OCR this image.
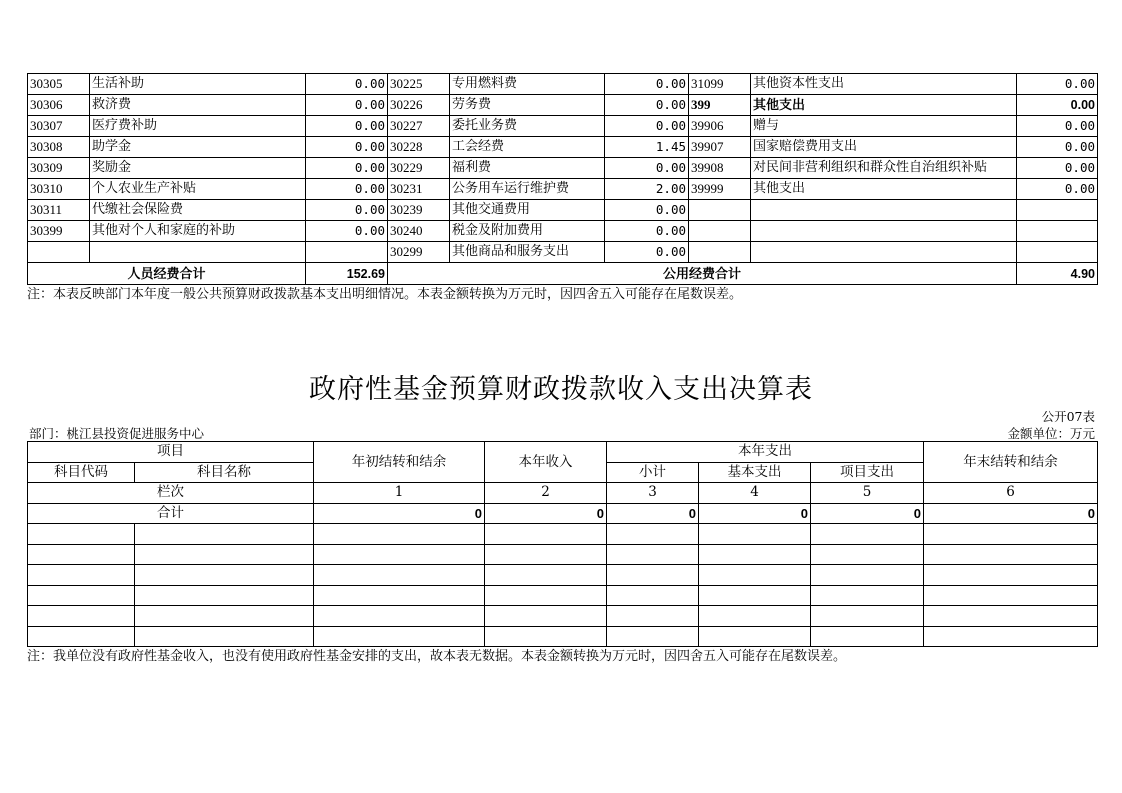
30305	生活补助	0.00	30225	专用燃料费	0.00	31099	其他资本性支出	0.00
30306	救济费	0.00	30226	劳务费	0.00	399	其他支出	0.00
30307	医疗费补助	0.00	30227	委托业务费	0.00	39906	赠与	0.00
30308	助学金	0.00	30228	工会经费	1.45	39907	国家赔偿费用支出	0.00
30309	奖励金	0.00	30229	福利费	0.00	39908	对民间非营利组织和群众性自治组织补贴	0.00
30310	个人农业生产补贴	0.00	30231	公务用车运行维护费	2.00	39999	其他支出	0.00
30311	代缴社会保险费	0.00	30239	其他交通费用	0.00			
30399	其他对个人和家庭的补助	0.00	30240	税金及附加费用	0.00			
			30299	其他商品和服务支出	0.00			
人员经费合计		152.69	公用经费合计					4.90
注：本表反映部门本年度一般公共预算财政拨款基本支出明细情况。本表金额转换为万元时，因四舍五入可能存在尾数误差。
政府性基金预算财政拨款收入支出决算表
公开07表
部门：桃江县投资促进服务中心	金额单位：万元
项目		年初结转和结余	本年收入	本年支出			年末结转和结余
科目代码	科目名称			小计	基本支出	项目支出	
栏次		1	2	3	4	5	6
合计		0	0	0	0	0	0

注：我单位没有政府性基金收入，也没有使用政府性基金安排的支出，故本表无数据。本表金额转换为万元时，因四舍五入可能存在尾数误差。
